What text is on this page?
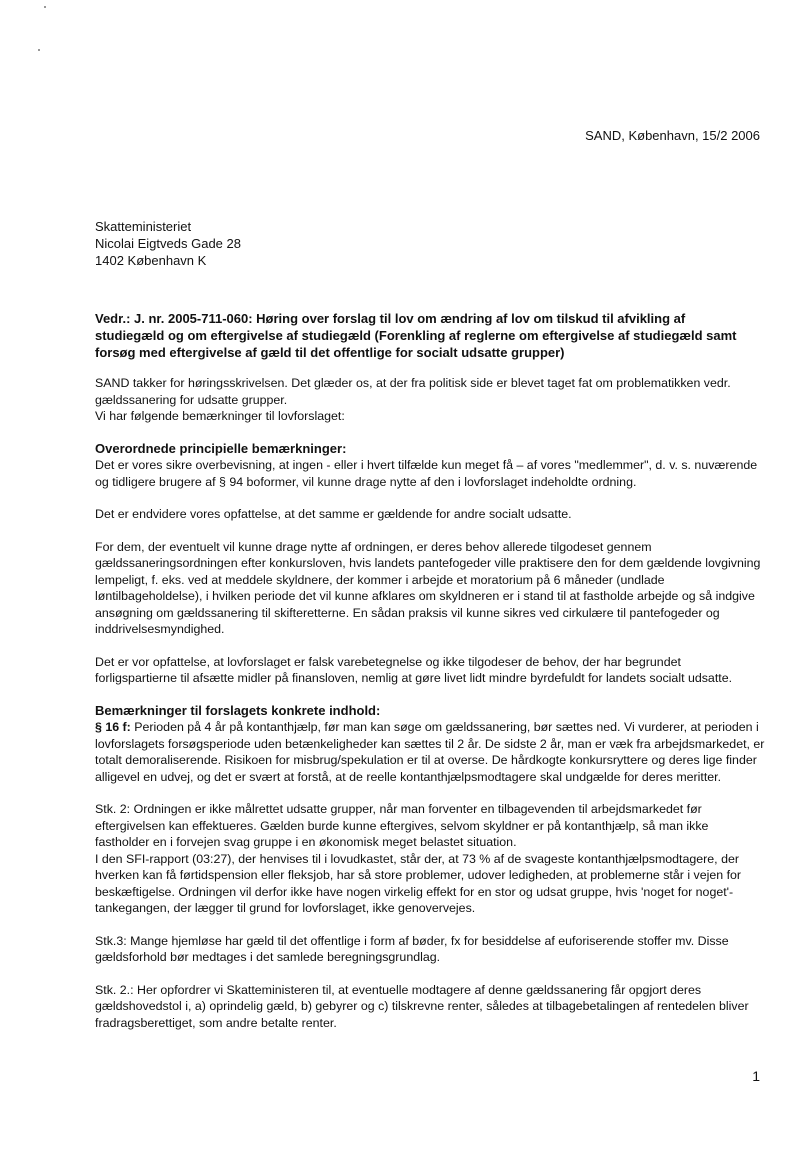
SAND, København, 15/2 2006
Skatteministeriet
Nicolai Eigtveds Gade 28
1402 København K
Vedr.: J. nr. 2005-711-060: Høring over forslag til lov om ændring af lov om tilskud til afvikling af studiegæld og om eftergivelse af studiegæld (Forenkling af reglerne om eftergivelse af studiegæld samt forsøg med eftergivelse af gæld til det offentlige for socialt udsatte grupper)

SAND takker for høringsskrivelsen. Det glæder os, at der fra politisk side er blevet taget fat om problematikken vedr. gældssanering for udsatte grupper.

Vi har følgende bemærkninger til lovforslaget:

Overordnede principielle bemærkninger:

Det er vores sikre overbevisning, at ingen - eller i hvert tilfælde kun meget få – af vores "medlemmer", d. v. s. nuværende og tidligere brugere af § 94 boformer, vil kunne drage nytte af den i lovforslaget indeholdte ordning.

Det er endvidere vores opfattelse, at det samme er gældende for andre socialt udsatte.

For dem, der eventuelt vil kunne drage nytte af ordningen, er deres behov allerede tilgodeset gennem gældssaneringsordningen efter konkursloven, hvis landets pantefogeder ville praktisere den for dem gældende lovgivning lempeligt, f. eks. ved at meddele skyldnere, der kommer i arbejde et moratorium på 6 måneder (undlade løntilbageholdelse), i hvilken periode det vil kunne afklares om skyldneren er i stand til at fastholde arbejde og så indgive ansøgning om gældssanering til skifteretterne. En sådan praksis vil kunne sikres ved cirkulære til pantefogeder og inddrivelsesmyndighed.

Det er vor opfattelse, at lovforslaget er falsk varebetegnelse og ikke tilgodeser de behov, der har begrundet forligspartierne til afsætte midler på finansloven, nemlig at gøre livet lidt mindre byrdefuldt for landets socialt udsatte.

Bemærkninger til forslagets konkrete indhold:

§ 16 f: Perioden på 4 år på kontanthjælp, før man kan søge om gældssanering, bør sættes ned. Vi vurderer, at perioden i lovforslagets forsøgsperiode uden betænkeligheder kan sættes til 2 år. De sidste 2 år, man er væk fra arbejdsmarkedet, er totalt demoraliserende. Risikoen for misbrug/spekulation er til at overse. De hårdkogte konkursryttere og deres lige finder alligevel en udvej, og det er svært at forstå, at de reelle kontanthjælpsmodtagere skal undgælde for deres meritter.

Stk. 2: Ordningen er ikke målrettet udsatte grupper, når man forventer en tilbagevenden til arbejdsmarkedet før eftergivelsen kan effektueres. Gælden burde kunne eftergives, selvom skyldner er på kontanthjælp, så man ikke fastholder en i forvejen svag gruppe i en økonomisk meget belastet situation.

I den SFI-rapport (03:27), der henvises til i lovudkastet, står der, at 73 % af de svageste kontanthjælpsmodtagere, der hverken kan få førtidspension eller fleksjob, har så store problemer, udover ledigheden, at problemerne står i vejen for beskæftigelse. Ordningen vil derfor ikke have nogen virkelig effekt for en stor og udsat gruppe, hvis 'noget for noget'-tankegangen, der lægger til grund for lovforslaget, ikke genovervejes.

Stk.3: Mange hjemløse har gæld til det offentlige i form af bøder, fx for besiddelse af euforiserende stoffer mv. Disse gældsforhold bør medtages i det samlede beregningsgrundlag.

Stk. 2.: Her opfordrer vi Skatteministeren til, at eventuelle modtagere af denne gældssanering får opgjort deres gældshovedstol i, a) oprindelig gæld, b) gebyrer og c) tilskrevne renter, således at tilbagebetalingen af rentedelen bliver fradragsberettiget, som andre betalte renter.

1
